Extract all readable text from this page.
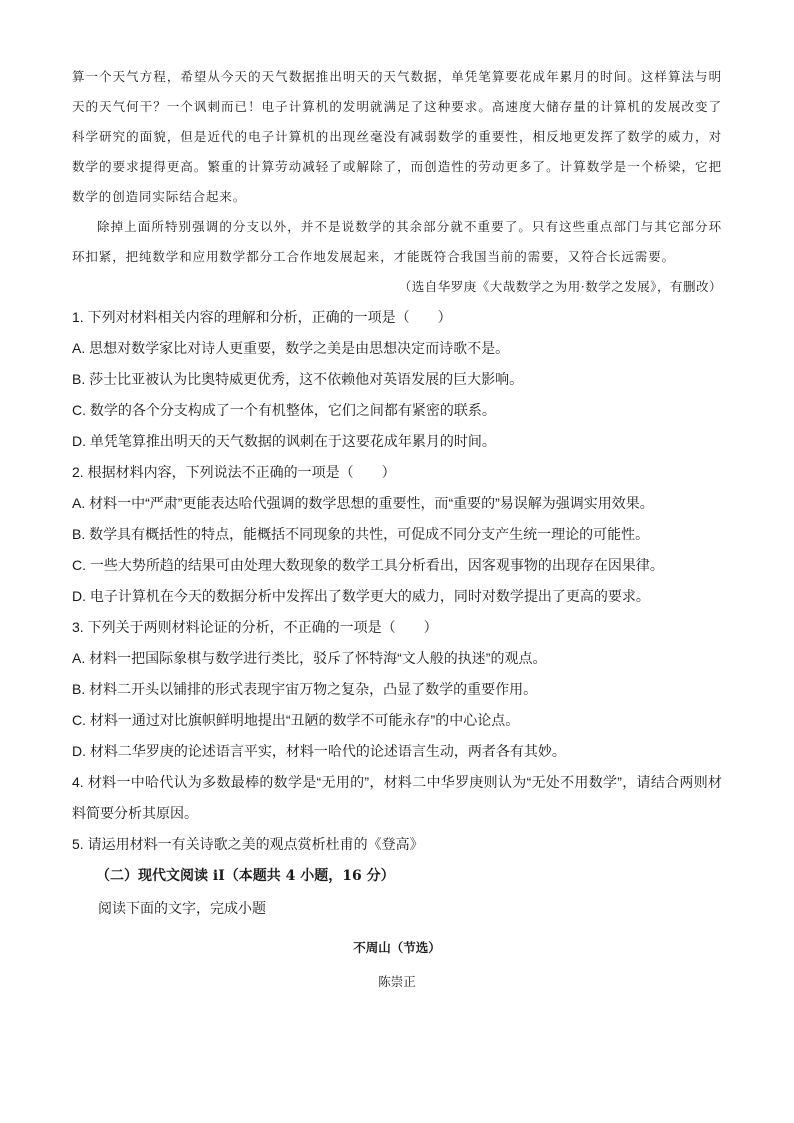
算一个天气方程，希望从今天的天气数据推出明天的天气数据，单凭笔算要花成年累月的时间。这样算法与明天的天气何干？一个讽刺而已！电子计算机的发明就满足了这种要求。高速度大储存量的计算机的发展改变了科学研究的面貌，但是近代的电子计算机的出现丝毫没有减弱数学的重要性，相反地更发挥了数学的威力，对数学的要求提得更高。繁重的计算劳动减轻了或解除了，而创造性的劳动更多了。计算数学是一个桥梁，它把数学的创造同实际结合起来。

除掉上面所特别强调的分支以外，并不是说数学的其余部分就不重要了。只有这些重点部门与其它部分环环扣紧，把纯数学和应用数学都分工合作地发展起来，才能既符合我国当前的需要，又符合长远需要。

（选自华罗庚《大哉数学之为用·数学之发展》，有删改）

1. 下列对材料相关内容的理解和分析，正确的一项是（　　）

A. 思想对数学家比对诗人更重要，数学之美是由思想决定而诗歌不是。

B. 莎士比亚被认为比奥特威更优秀，这不依赖他对英语发展的巨大影响。

C. 数学的各个分支构成了一个有机整体，它们之间都有紧密的联系。

D. 单凭笔算推出明天的天气数据的讽刺在于这要花成年累月的时间。

2. 根据材料内容，下列说法不正确的一项是（　　）

A. 材料一中“严肃”更能表达哈代强调的数学思想的重要性，而“重要的”易误解为强调实用效果。

B. 数学具有概括性的特点，能概括不同现象的共性，可促成不同分支产生统一理论的可能性。

C. 一些大势所趋的结果可由处理大数现象的数学工具分析看出，因客观事物的出现存在因果律。

D. 电子计算机在今天的数据分析中发挥出了数学更大的威力，同时对数学提出了更高的要求。

3. 下列关于两则材料论证的分析，不正确的一项是（　　）

A. 材料一把国际象棋与数学进行类比，驳斥了怀特海“文人般的执迷”的观点。

B. 材料二开头以铺排的形式表现宇宙万物之复杂，凸显了数学的重要作用。

C. 材料一通过对比旗帜鲜明地提出“丑陋的数学不可能永存”的中心论点。

D. 材料二华罗庚的论述语言平实，材料一哈代的论述语言生动，两者各有其妙。

4. 材料一中哈代认为多数最棒的数学是“无用的”，材料二中华罗庚则认为“无处不用数学”，请结合两则材料简要分析其原因。

5. 请运用材料一有关诗歌之美的观点赏析杜甫的《登高》

（二）现代文阅读 iI（本题共 4 小题，16 分）

阅读下面的文字，完成小题

不周山（节选）

陈崇正
